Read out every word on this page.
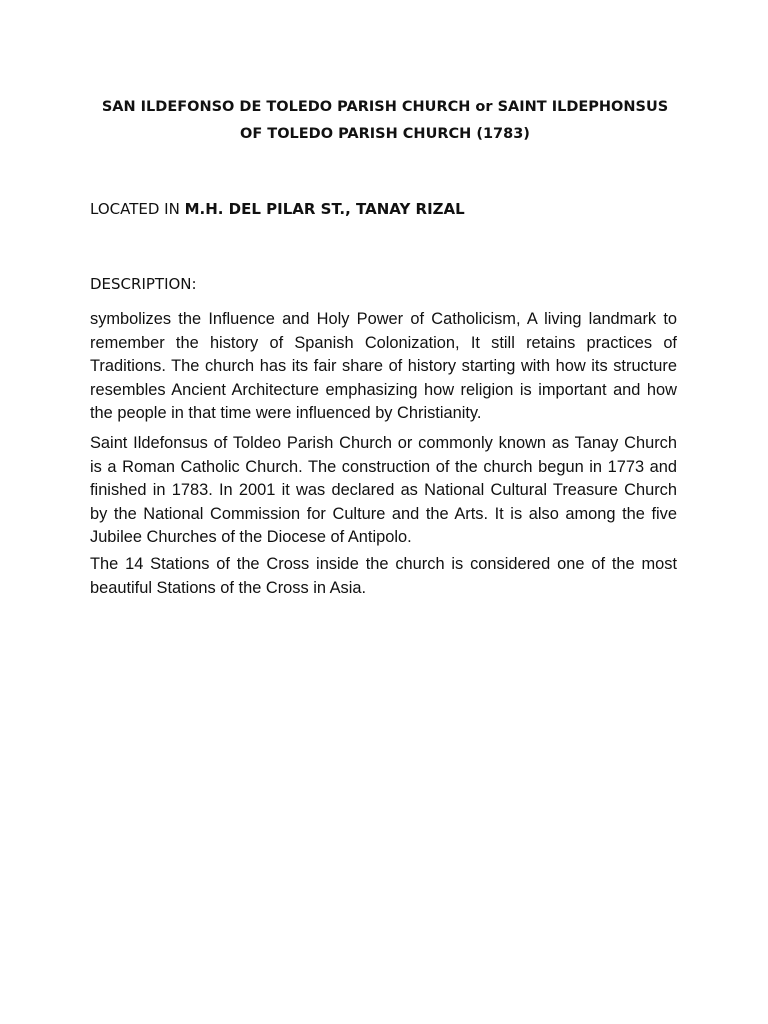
SAN ILDEFONSO DE TOLEDO PARISH CHURCH or SAINT ILDEPHONSUS
OF TOLEDO PARISH CHURCH (1783)

LOCATED IN M.H. DEL PILAR ST., TANAY RIZAL

DESCRIPTION:

symbolizes the Influence and Holy Power of Catholicism, A living landmark to remember the history of Spanish Colonization, It still retains practices of Traditions. The church has its fair share of history starting with how its structure resembles Ancient Architecture emphasizing how religion is important and how the people in that time were influenced by Christianity.

Saint Ildefonsus of Toldeo Parish Church or commonly known as Tanay Church is a Roman Catholic Church. The construction of the church begun in 1773 and finished in 1783. In 2001 it was declared as National Cultural Treasure Church by the National Commission for Culture and the Arts. It is also among the five Jubilee Churches of the Diocese of Antipolo.

The 14 Stations of the Cross inside the church is considered one of the most beautiful Stations of the Cross in Asia.
